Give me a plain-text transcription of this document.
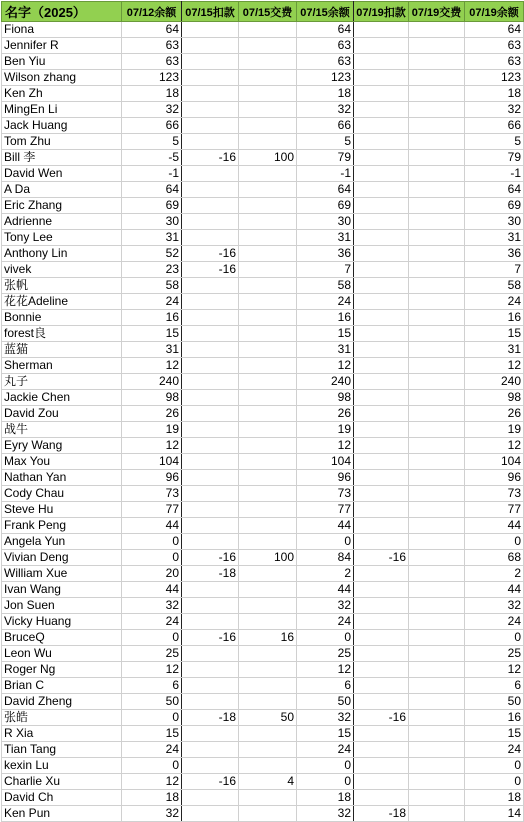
名字（2025）	07/12余额	07/15扣款	07/15交费	07/15余额	07/19扣款	07/19交费	07/19余额
Fiona	64			64			64
Jennifer R	63			63			63
Ben Yiu	63			63			63
Wilson zhang	123			123			123
Ken Zh	18			18			18
MingEn Li	32			32			32
Jack Huang	66			66			66
Tom Zhu	5			5			5
Bill 李	-5	-16	100	79			79
David Wen	-1			-1			-1
A Da	64			64			64
Eric Zhang	69			69			69
Adrienne	30			30			30
Tony Lee	31			31			31
Anthony Lin	52	-16		36			36
vivek	23	-16		7			7
张帆	58			58			58
花花Adeline	24			24			24
Bonnie	16			16			16
forest良	15			15			15
蓝猫	31			31			31
Sherman	12			12			12
丸子	240			240			240
Jackie Chen	98			98			98
David Zou	26			26			26
战牛	19			19			19
Eyry Wang	12			12			12
Max You	104			104			104
Nathan Yan	96			96			96
Cody Chau	73			73			73
Steve Hu	77			77			77
Frank Peng	44			44			44
Angela Yun	0			0			0
Vivian Deng	0	-16	100	84	-16		68
William Xue	20	-18		2			2
Ivan Wang	44			44			44
Jon Suen	32			32			32
Vicky Huang	24			24			24
BruceQ	0	-16	16	0			0
Leon Wu	25			25			25
Roger Ng	12			12			12
Brian C	6			6			6
David Zheng	50			50			50
张皓	0	-18	50	32	-16		16
R Xia	15			15			15
Tian Tang	24			24			24
kexin Lu	0			0			0
Charlie Xu	12	-16	4	0			0
David Ch	18			18			18
Ken Pun	32			32	-18		14
